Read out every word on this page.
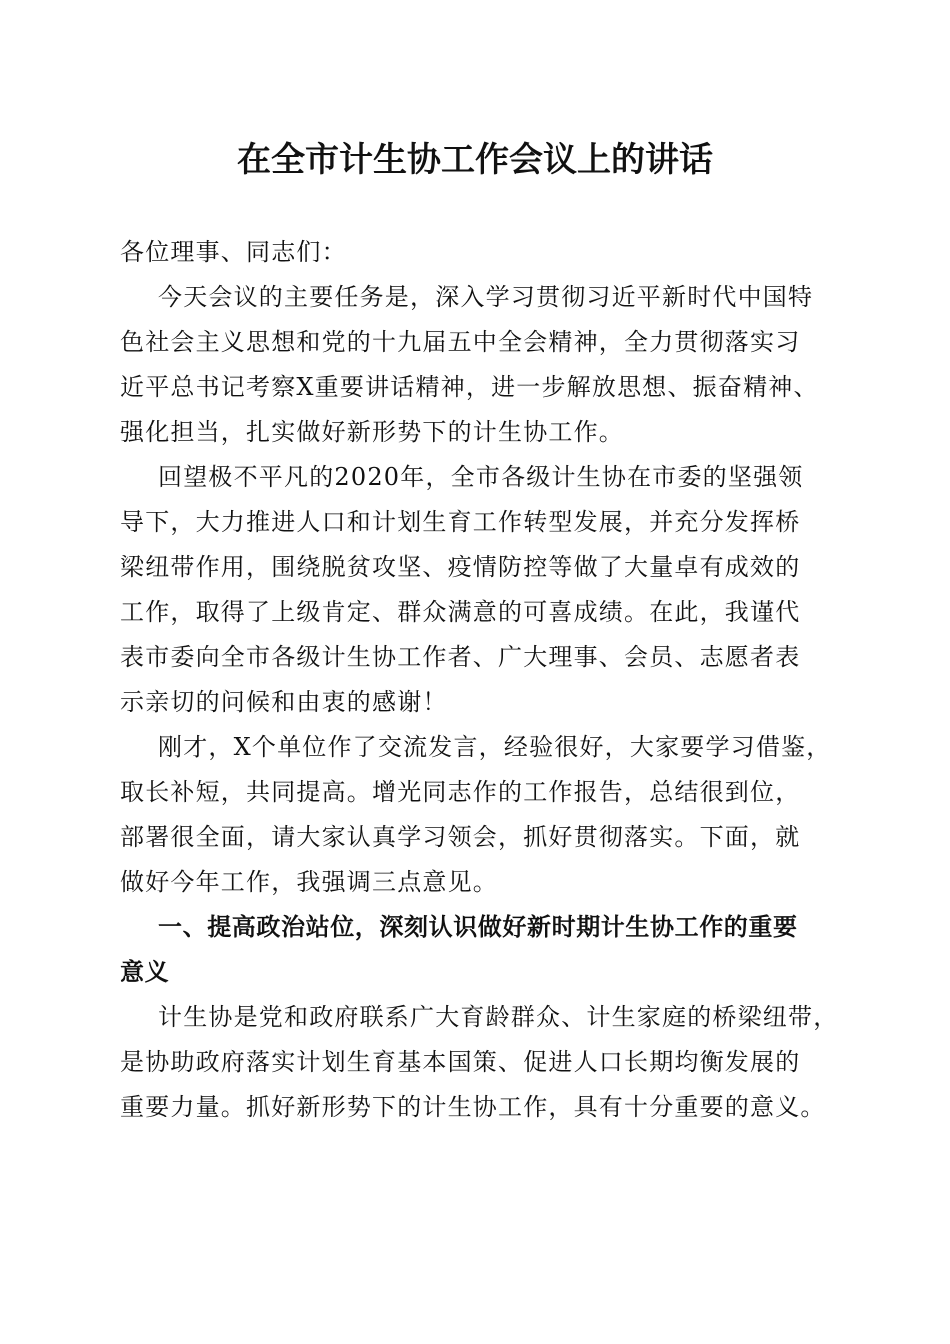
在全市计生协工作会议上的讲话
各位理事、同志们：
今天会议的主要任务是，深入学习贯彻习近平新时代中国特
色社会主义思想和党的十九届五中全会精神，全力贯彻落实习
近平总书记考察X重要讲话精神，进一步解放思想、振奋精神、
强化担当，扎实做好新形势下的计生协工作。
回望极不平凡的2020年，全市各级计生协在市委的坚强领
导下，大力推进人口和计划生育工作转型发展，并充分发挥桥
梁纽带作用，围绕脱贫攻坚、疫情防控等做了大量卓有成效的
工作，取得了上级肯定、群众满意的可喜成绩。在此，我谨代
表市委向全市各级计生协工作者、广大理事、会员、志愿者表
示亲切的问候和由衷的感谢！
刚才，X个单位作了交流发言，经验很好，大家要学习借鉴，
取长补短，共同提高。增光同志作的工作报告，总结很到位，
部署很全面，请大家认真学习领会，抓好贯彻落实。下面，就
做好今年工作，我强调三点意见。
一、提高政治站位，深刻认识做好新时期计生协工作的重要
意义
计生协是党和政府联系广大育龄群众、计生家庭的桥梁纽带，
是协助政府落实计划生育基本国策、促进人口长期均衡发展的
重要力量。抓好新形势下的计生协工作，具有十分重要的意义。
